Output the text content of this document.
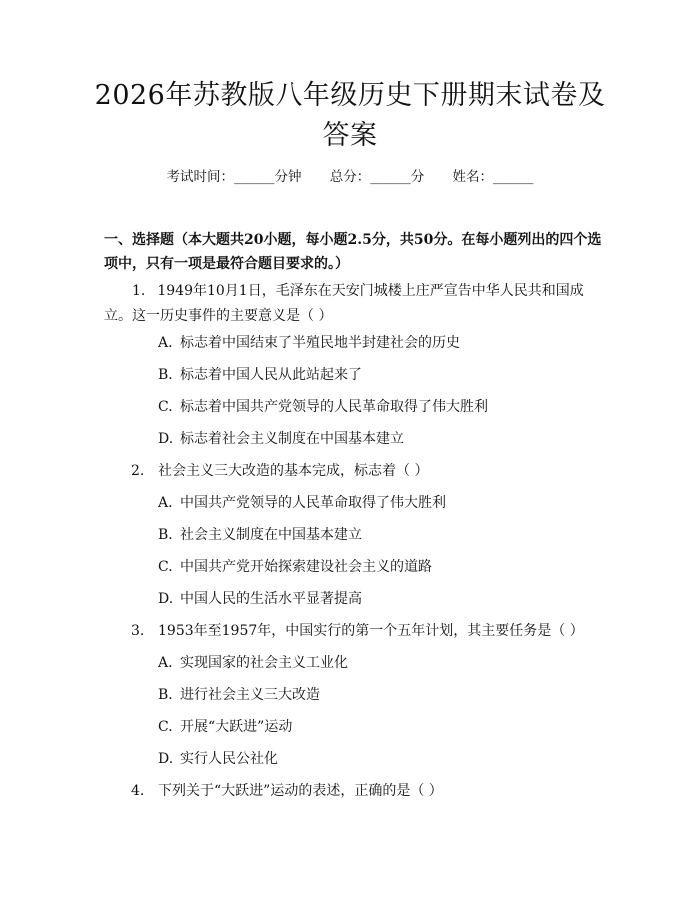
2026年苏教版八年级历史下册期末试卷及答案
考试时间：______分钟 总分：______分 姓名：______
一、选择题（本大题共20小题，每小题2.5分，共50分。在每小题列出的四个选项中，只有一项是最符合题目要求的。）
1. 1949年10月1日，毛泽东在天安门城楼上庄严宣告中华人民共和国成立。这一历史事件的主要意义是（ ）
A. 标志着中国结束了半殖民地半封建社会的历史
B. 标志着中国人民从此站起来了
C. 标志着中国共产党领导的人民革命取得了伟大胜利
D. 标志着社会主义制度在中国基本建立
2. 社会主义三大改造的基本完成，标志着（ ）
A. 中国共产党领导的人民革命取得了伟大胜利
B. 社会主义制度在中国基本建立
C. 中国共产党开始探索建设社会主义的道路
D. 中国人民的生活水平显著提高
3. 1953年至1957年，中国实行的第一个五年计划，其主要任务是（ ）
A. 实现国家的社会主义工业化
B. 进行社会主义三大改造
C. 开展“大跃进”运动
D. 实行人民公社化
4. 下列关于“大跃进”运动的表述，正确的是（ ）
